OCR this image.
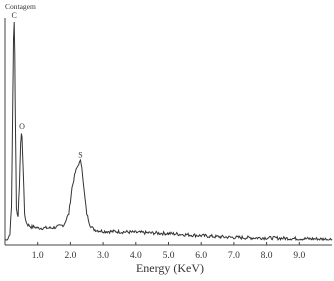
Contagem
1.0 2.0 3.0 4.0 5.0 6.0 7.0 8.0 9.0
C
O
S
Energy (KeV)
